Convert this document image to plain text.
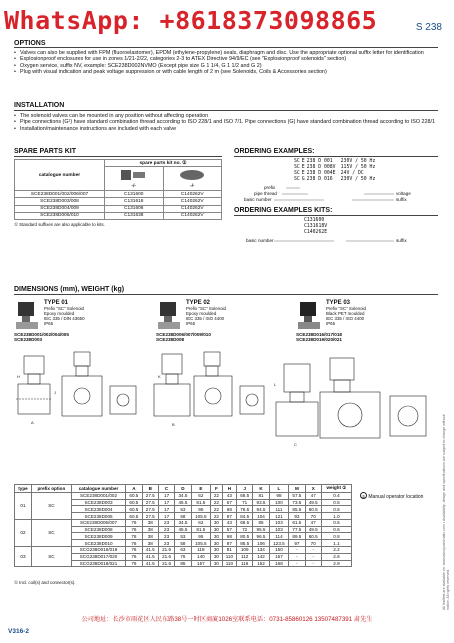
WhatsApp: +8618373098865	S 238
OPTIONS
• Valves can also be supplied with FPM (fluoroelastomer), EPDM (ethylene-propylene) seals, diaphragm and disc. Use the appropriate optional suffix letter for identification
• Explosionproof enclosures for use in zones 1/21-2/22, categories 2-3 to ATEX Directive 94/9/EC (see "Explosionproof solenoids" section)
• Oxygen service, suffix NV, example: SCE238D002NVMO (Except pipe size G 1 1/4, G 1 1/2 and G 2)
• Plug with visual indication and peak voltage suppression or with cable length of 2 m (see Solenoids, Coils & Accessories section)
INSTALLATION
• The solenoid valves can be mounted in any position without affecting operation
• Pipe connections (G¹) have standard combination thread according to ISO 228/1 and ISO 7/1. Pipe connections (G) have standard combination thread according to ISO 228/1
• Installation/maintenance instructions are included with each valve
SPARE PARTS KIT
catalogue number	spare parts kit no. ①	

	-/-	-/-

SCE238D001/002/006/007	C131600	C140262V
SCE238D003/008	C131618	C140262V
SCE238D004/009	C131606	C140262V
SCE238D005/010	C131638	C140262V
① Standard suffixes are also applicable to kits.
ORDERING EXAMPLES:
SC	E	238 D 001		230V / 50 Hz
SC	E	238 D 008	V	115V / 50 Hz
SC	E	238 D 004	E	24V / DC
SC	G	238 D 016		230V / 50 Hz
prefix
pipe thread
basic number
voltage
suffix
ORDERING EXAMPLES KITS:
C131600	
C131618	V
C140262	E
basic number	suffix
DIMENSIONS (mm), WEIGHT (kg)
TYPE 01
Prefix "SC" Solenoid
Epoxy moulded
IEC 335 / DIN 43650
IP65
SCE238D001/002/004/005
SCE238D003
TYPE 02
Prefix "SC" Solenoid
Epoxy moulded
IEC 335 / ISO 4400
IP65
SCE238D006/007/009/010
SCE238D008
TYPE 03
Prefix "SC" Solenoid
Black PET moulded
IEC 335 / ISO 4400
IP65
SCE238D016/017/018
SCE238D019/020/021
H
J
A
K
B
L
C
type	prefix option	catalogue number	A	B	C	D	E	F	H	J	K	L	M	X	weight ①
01	SC	SCE238D001/002	60.5	27.5	17	34.5	62	22	43	68.5	81	98	57.5	47	0.4
		SCE238D003	60.5	27.5	17	45.5	81.5	22	57	71	93.5	100	73.5	49.5	0.5
		SCE238D004	60.5	27.5	17	53	95	22	68	76.5	94.5	111	85.5	60.5	0.6
		SCE238D005	60.5	27.5	17	58	105.5	22	87	84.5	104	121	93	70	1.0
02	SC	SCE238D006/007	76	38	23	34.5	62	30	43	68.5	85	103	61.5	47	0.5
		SCE238D008	76	38	23	45.5	81.5	30	57	72	95.5	103	77.5	49.5	0.6
		SCE238D009	76	38	23	53	95	30	68	80.5	96.5	114	89.5	60.5	0.8
		SCE238D010	76	38	23	58	105.5	30	87	85.5	106	123.5	97	70	1.1
03	SC	SCG238D016/019	76	41.5	21.6	63	118	30	81	109	134	150	-	-	2.2
		SCG238D017/020	76	41.5	21.6	76	140	30	110	112	142	157	-	-	2.6
		SCG238D018/021	76	41.5	21.6	85	157	30	110	116	152	168	-	-	2.9
① Incl. coil(s) and connector(s).
① Manual operator location	All leaflets are available on: www.ascojoucomatic.com • Availability, design and specifications are subject to change without notice. All rights reserved.
公司地址：长沙市雨花区人民东路38号一时区商廈1026室联系电话：0731-85860126 13507487391 肃先生
V316-2
